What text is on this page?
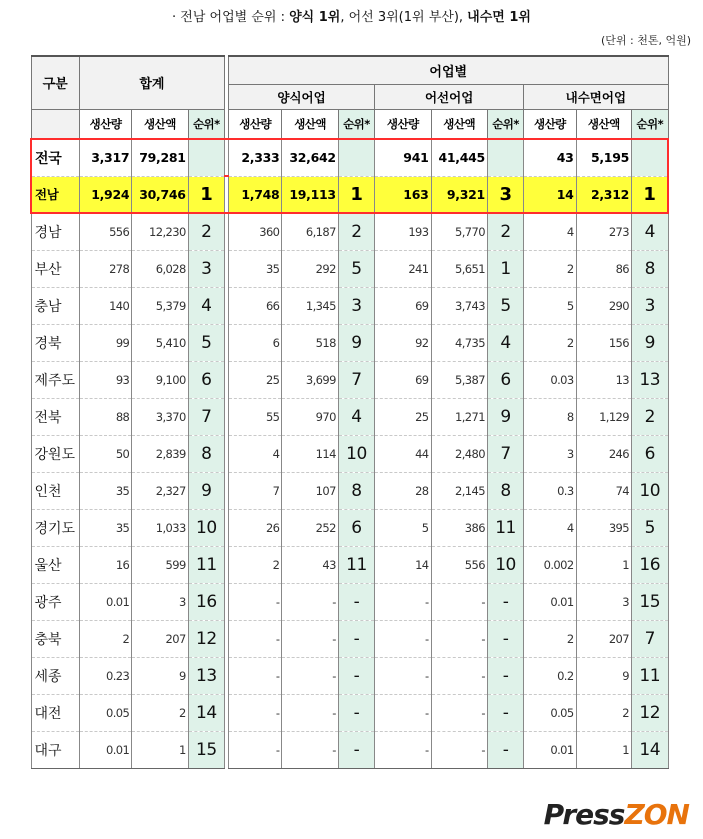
· 전남 어업별 순위 : 양식 1위, 어선 3위(1위 부산), 내수면 1위
(단위 : 천톤, 억원)
구분	합계				어업별								
					양식어업			어선어업			내수면어업		
	생산량	생산액	순위*		생산량	생산액	순위*	생산량	생산액	순위*	생산량	생산액	순위*
전국	3,317	79,281			2,333	32,642		941	41,445		43	5,195	
전남	1,924	30,746	1		1,748	19,113	1	163	9,321	3	14	2,312	1
경남	556	12,230	2		360	6,187	2	193	5,770	2	4	273	4
부산	278	6,028	3		35	292	5	241	5,651	1	2	86	8
충남	140	5,379	4		66	1,345	3	69	3,743	5	5	290	3
경북	99	5,410	5		6	518	9	92	4,735	4	2	156	9
제주도	93	9,100	6		25	3,699	7	69	5,387	6	0.03	13	13
전북	88	3,370	7		55	970	4	25	1,271	9	8	1,129	2
강원도	50	2,839	8		4	114	10	44	2,480	7	3	246	6
인천	35	2,327	9		7	107	8	28	2,145	8	0.3	74	10
경기도	35	1,033	10		26	252	6	5	386	11	4	395	5
울산	16	599	11		2	43	11	14	556	10	0.002	1	16
광주	0.01	3	16		-	-	-	-	-	-	0.01	3	15
충북	2	207	12		-	-	-	-	-	-	2	207	7
세종	0.23	9	13		-	-	-	-	-	-	0.2	9	11
대전	0.05	2	14		-	-	-	-	-	-	0.05	2	12
대구	0.01	1	15		-	-	-	-	-	-	0.01	1	14
PressZON
